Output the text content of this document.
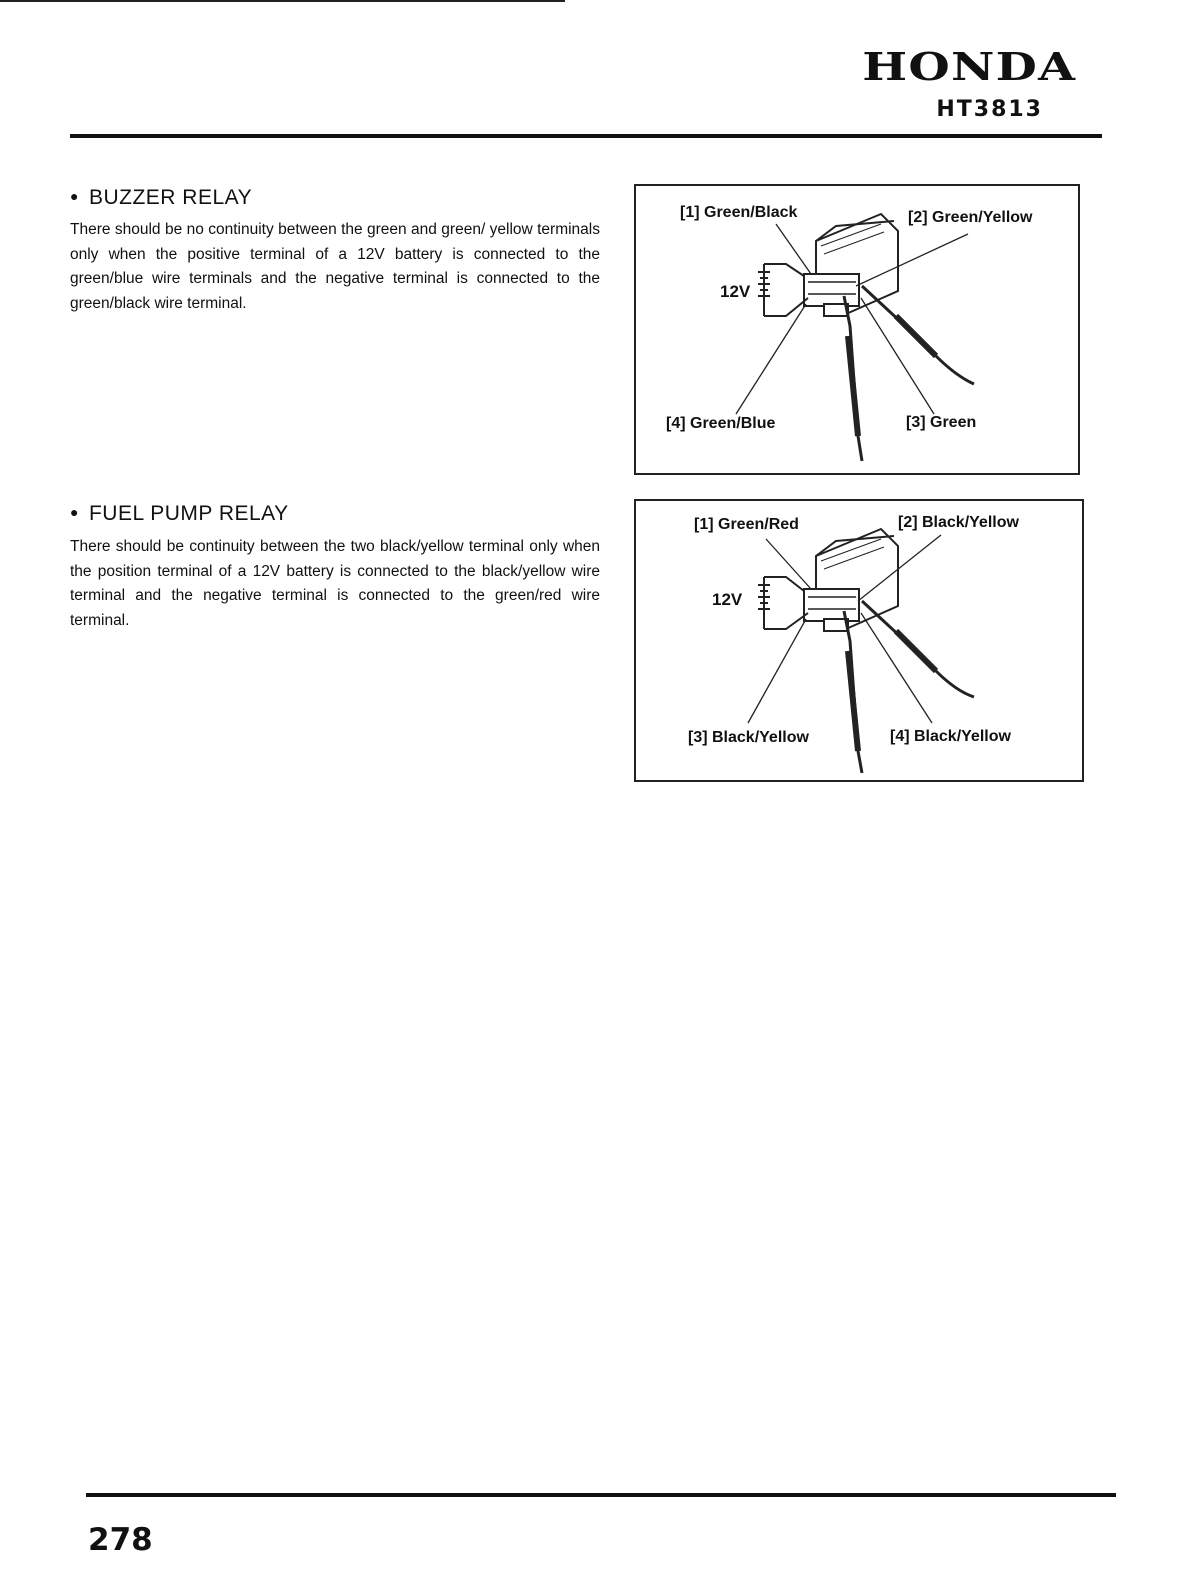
HONDA
HT3813
● BUZZER RELAY
There should be no continuity between the green and green/ yellow terminals only when the positive terminal of a 12V battery is connected to the green/blue wire terminals and the negative terminal is connected to the green/black wire terminal.
[1] Green/Black	[2] Green/Yellow
[4] Green/Blue	[3] Green
12V
● FUEL PUMP RELAY
There should be continuity between the two black/yellow terminal only when the position terminal of a 12V battery is connected to the black/yellow wire terminal and the negative terminal is connected to the green/red wire terminal.
[1] Green/Red	[2] Black/Yellow
[3] Black/Yellow	[4] Black/Yellow
12V
278
